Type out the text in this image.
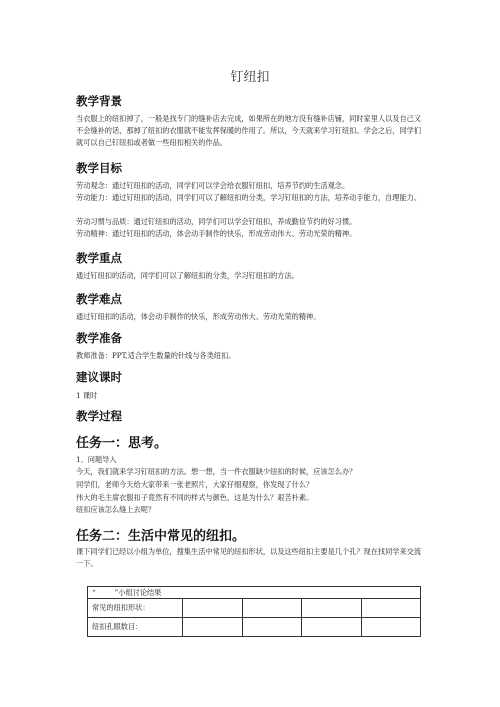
钉纽扣
教学背景
当衣服上的纽扣掉了，一般是找专门的缝补店去完成，如果所在的地方没有缝补店铺，同时家里人以及自己又不会缝补的话，那掉了纽扣的衣服就不能发挥保暖的作用了。所以，今天就来学习钉纽扣。学会之后，同学们就可以自己钉纽扣或者做一些纽扣相关的作品。
教学目标
劳动观念：通过钉纽扣的活动，同学们可以学会给衣服钉纽扣，培养节约的生活观念。
劳动能力：通过钉纽扣的活动，同学们可以了解纽扣的分类，学习钉纽扣的方法，培养动手能力，自理能力。
劳动习惯与品质：通过钉纽扣的活动，同学们可以学会钉纽扣，养成勤俭节约的好习惯。
劳动精神：通过钉纽扣的活动，体会动手制作的快乐，形成劳动伟大、劳动光荣的精神。
教学重点
通过钉纽扣的活动，同学们可以了解纽扣的分类，学习钉纽扣的方法。
教学难点
通过钉纽扣的活动，体会动手制作的快乐，形成劳动伟大、劳动光荣的精神。
教学准备
教师准备：PPT,适合学生数量的针线与各类纽扣。
建议课时
1 课时
教学过程
任务一：思考。
1、问题导入
今天，我们就来学习钉纽扣的方法。想一想，当一件衣服缺少纽扣的时候，应该怎么办？
同学们，老师今天给大家带来一张老照片，大家仔细观察，你发现了什么？
伟大的毛主席衣服扣子竟然有不同的样式与颜色，这是为什么？艰苦朴素。
纽扣应该怎么缝上去呢？
任务二：生活中常见的纽扣。
课下同学们已经以小组为单位，搜集生活中常见的纽扣形状，以及这些纽扣主要是几个孔？现在找同学来交流一下。
“ 　　 ”小组讨论结果				
常见的纽扣形状：				
纽扣孔眼数目：				
